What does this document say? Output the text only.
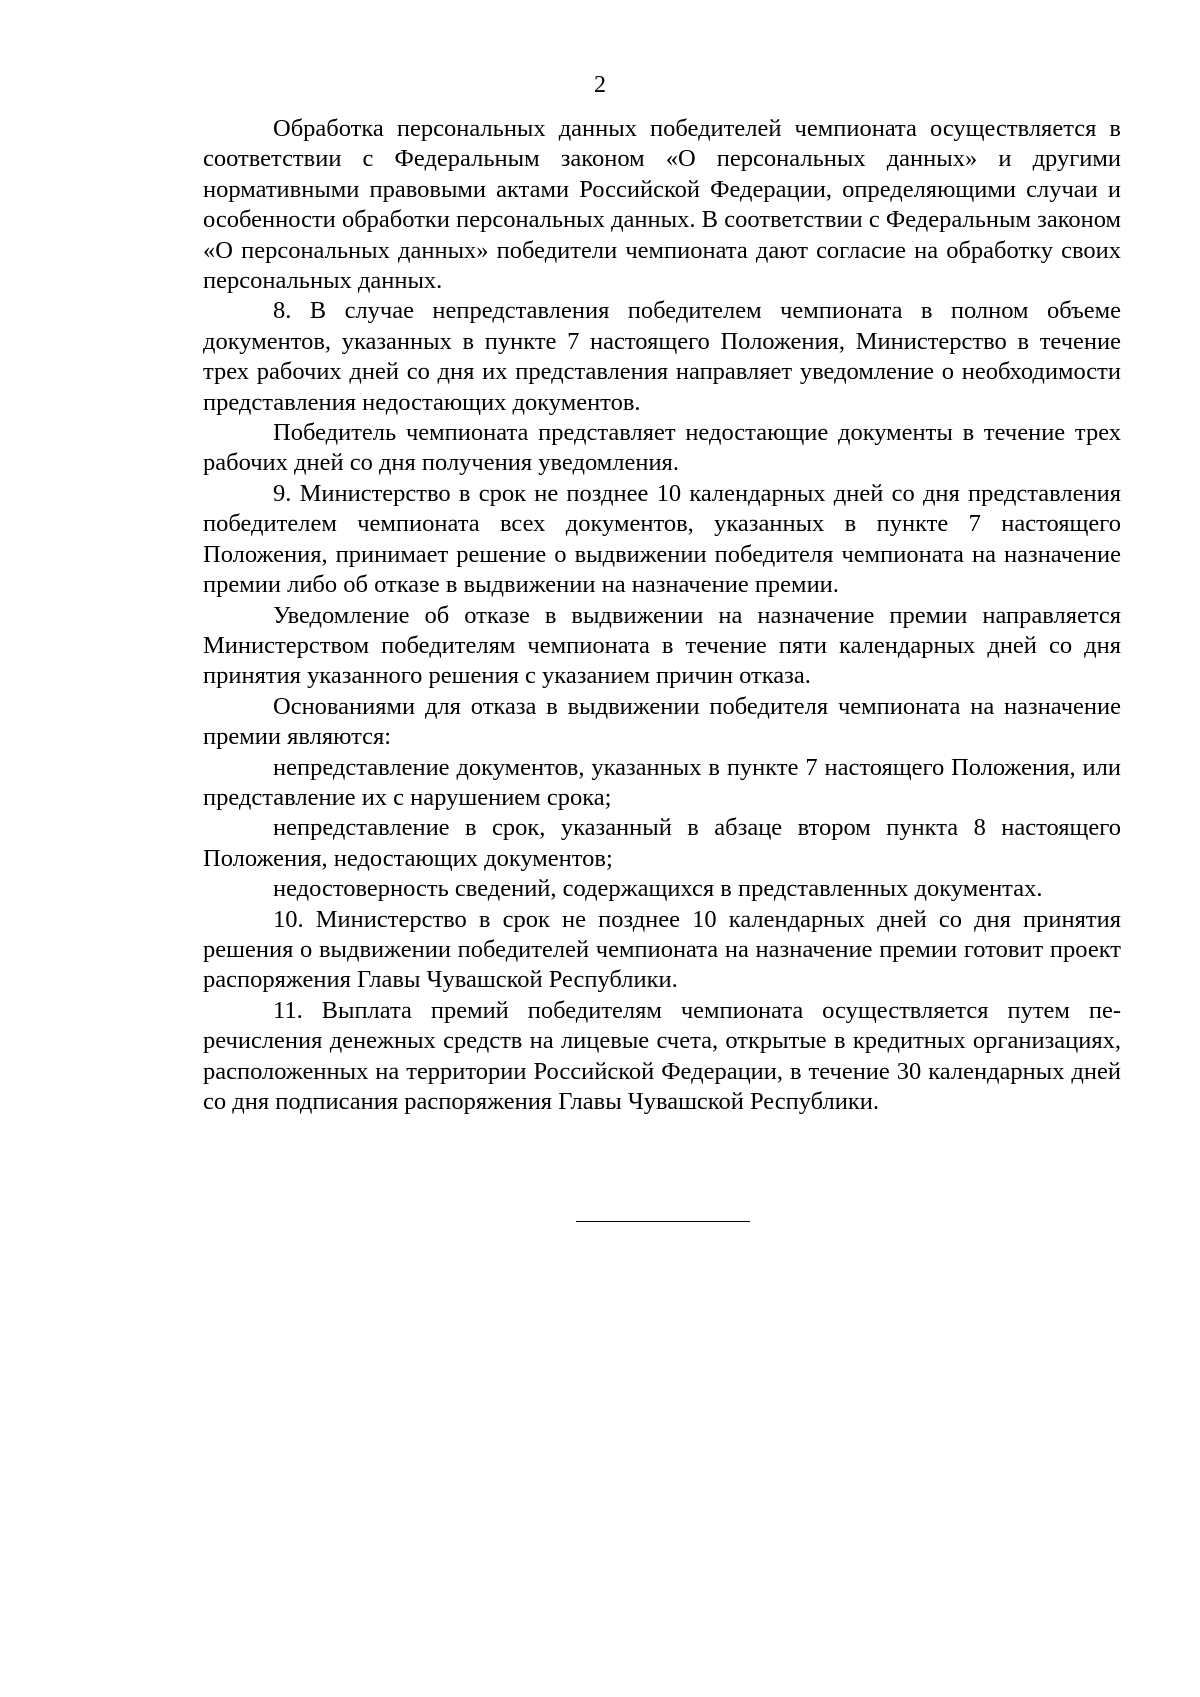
2

Обработка персональных данных победителей чемпионата осуществляется в соответствии с Федеральным законом «О персональных данных» и другими нормативными правовыми актами Российской Федерации, определяющими случаи и особенности обработки персональных данных. В соответствии с Федеральным законом «О персональных данных» победители чемпионата дают согласие на обработку своих персональных данных.

8. В случае непредставления победителем чемпионата в полном объеме документов, указанных в пункте 7 настоящего Положения, Министерство в течение трех рабочих дней со дня их представления направляет уведомление о необходимости представления недостающих документов.

Победитель чемпионата представляет недостающие документы в течение трех рабочих дней со дня получения уведомления.

9. Министерство в срок не позднее 10 календарных дней со дня представления победителем чемпионата всех документов, указанных в пункте 7 настоящего Положения, принимает решение о выдвижении победителя чемпионата на назначение премии либо об отказе в выдвижении на назначение премии.

Уведомление об отказе в выдвижении на назначение премии направляется Министерством победителям чемпионата в течение пяти календарных дней со дня принятия указанного решения с указанием причин отказа.

Основаниями для отказа в выдвижении победителя чемпионата на назначение премии являются:

непредставление документов, указанных в пункте 7 настоящего Положения, или представление их с нарушением срока;

непредставление в срок, указанный в абзаце втором пункта 8 настоящего Положения, недостающих документов;

недостоверность сведений, содержащихся в представленных документах.

10. Министерство в срок не позднее 10 календарных дней со дня принятия решения о выдвижении победителей чемпионата на назначение премии готовит проект распоряжения Главы Чувашской Республики.

11. Выплата премий победителям чемпионата осуществляется путем перечисления денежных средств на лицевые счета, открытые в кредитных организациях, расположенных на территории Российской Федерации, в течение 30 календарных дней со дня подписания распоряжения Главы Чувашской Республики.
